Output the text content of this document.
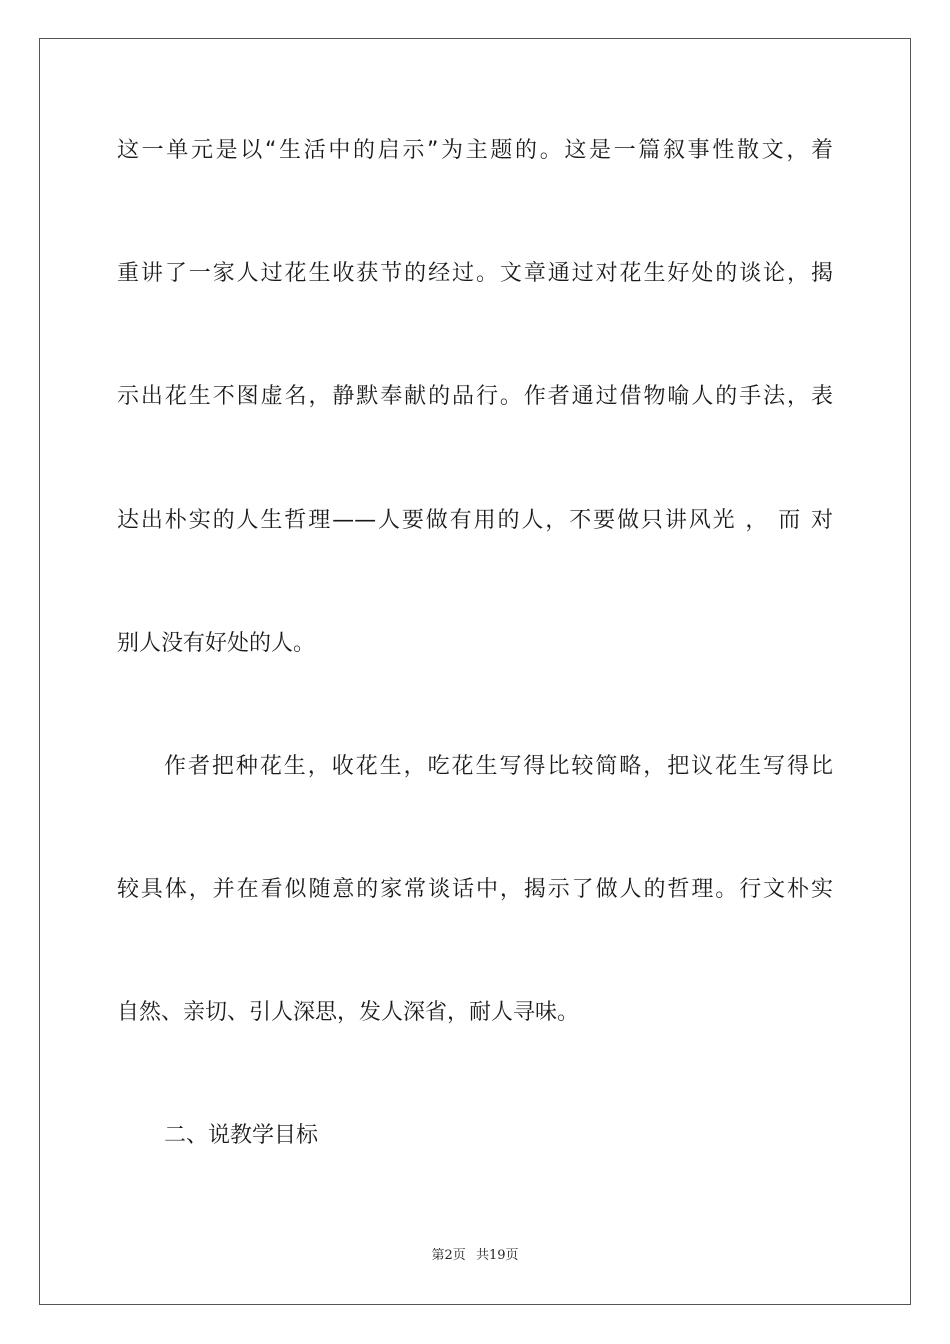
这一单元是以“生活中的启示”为主题的。这是一篇叙事性散文，着
重讲了一家人过花生收获节的经过。文章通过对花生好处的谈论，揭
示出花生不图虚名，静默奉献的品行。作者通过借物喻人的手法，表
达出朴实的人生哲理——人要做有用的人，不要做只讲风光 ， 而 对
别人没有好处的人。
作者把种花生，收花生，吃花生写得比较简略，把议花生写得比
较具体，并在看似随意的家常谈话中，揭示了做人的哲理。行文朴实
自然、亲切、引人深思，发人深省，耐人寻味。
二、说教学目标
第2页 共19页
